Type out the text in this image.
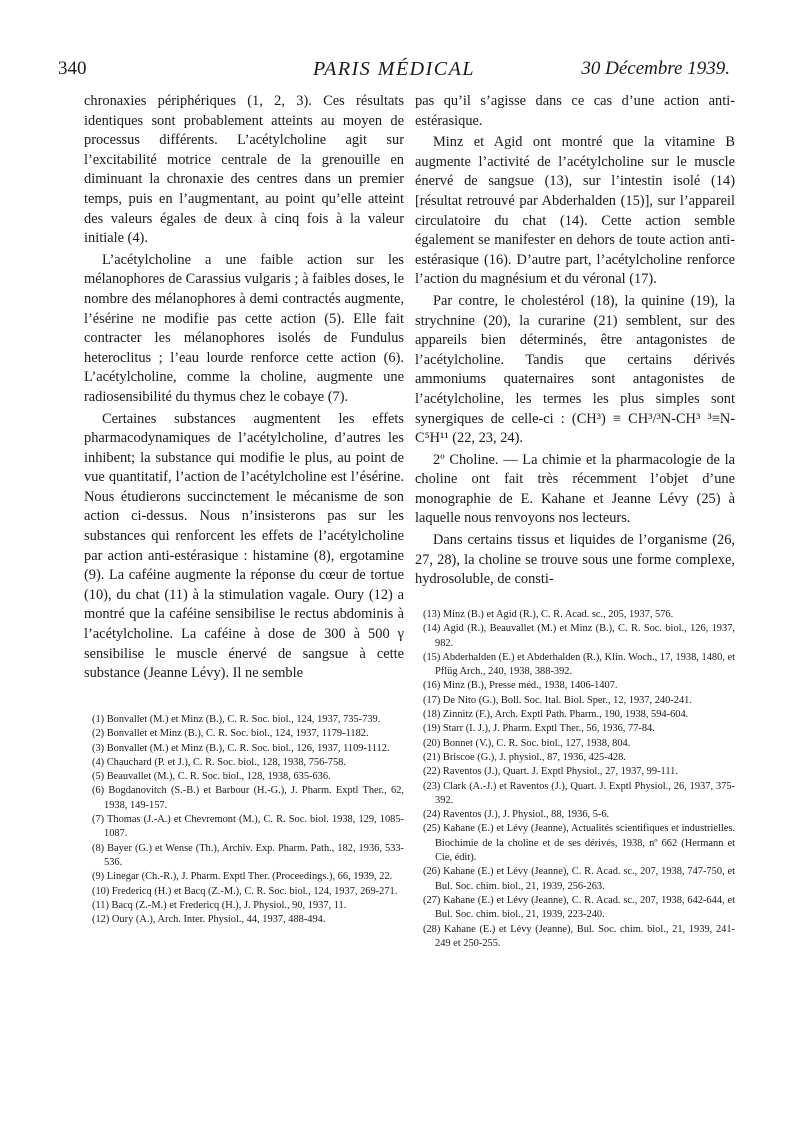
340	PARIS MÉDICAL	30 Décembre 1939.

chronaxies périphériques (1, 2, 3). Ces résultats identiques sont probablement atteints au moyen de processus différents. L’acétylcholine agit sur l’excitabilité motrice centrale de la grenouille en diminuant la chronaxie des centres dans un premier temps, puis en l’augmentant, au point qu’elle atteint des valeurs égales de deux à cinq fois à la valeur initiale (4).

L’acétylcholine a une faible action sur les mélanophores de Carassius vulgaris ; à faibles doses, le nombre des mélanophores à demi contractés augmente, l’ésérine ne modifie pas cette action (5). Elle fait contracter les mélanophores isolés de Fundulus heteroclitus ; l’eau lourde renforce cette action (6). L’acétylcholine, comme la choline, augmente une radiosensibilité du thymus chez le cobaye (7).

Certaines substances augmentent les effets pharmacodynamiques de l’acétylcholine, d’autres les inhibent; la substance qui modifie le plus, au point de vue quantitatif, l’action de l’acétylcholine est l’ésérine. Nous étudierons succinctement le mécanisme de son action ci-dessus. Nous n’insisterons pas sur les substances qui renforcent les effets de l’acétylcholine par action anti-estérasique : histamine (8), ergotamine (9). La caféine augmente la réponse du cœur de tortue (10), du chat (11) à la stimulation vagale. Oury (12) a montré que la caféine sensibilise le rectus abdominis à l’acétylcholine. La caféine à dose de 300 à 500 γ sensibilise le muscle énervé de sangsue à cette substance (Jeanne Lévy). Il ne semble

pas qu’il s’agisse dans ce cas d’une action anti-estérasique.

Minz et Agid ont montré que la vitamine B augmente l’activité de l’acétylcholine sur le muscle énervé de sangsue (13), sur l’intestin isolé (14) [résultat retrouvé par Abderhalden (15)], sur l’appareil circulatoire du chat (14). Cette action semble également se manifester en dehors de toute action anti-estérasique (16). D’autre part, l’acétylcholine renforce l’action du magnésium et du véronal (17).

Par contre, le cholestérol (18), la quinine (19), la strychnine (20), la curarine (21) semblent, sur des appareils bien déterminés, être antagonistes de l’acétylcholine. Tandis que certains dérivés ammoniums quaternaires sont antagonistes de l’acétylcholine, les termes les plus simples sont synergiques de celle-ci : (CH³) ≡ CH³/³N-CH³ ³≡N-C⁵H¹¹ (22, 23, 24).

2º Choline. — La chimie et la pharmacologie de la choline ont fait très récemment l’objet d’une monographie de E. Kahane et Jeanne Lévy (25) à laquelle nous renvoyons nos lecteurs.

Dans certains tissus et liquides de l’organisme (26, 27, 28), la choline se trouve sous une forme complexe, hydrosoluble, de consti-

(1) Bonvallet (M.) et Minz (B.), C. R. Soc. biol., 124, 1937, 735-739.

(2) Bonvallet et Minz (B.), C. R. Soc. biol., 124, 1937, 1179-1182.

(3) Bonvallet (M.) et Minz (B.), C. R. Soc. biol., 126, 1937, 1109-1112.

(4) Chauchard (P. et J.), C. R. Soc. biol., 128, 1938, 756-758.

(5) Beauvallet (M.), C. R. Soc. biol., 128, 1938, 635-636.

(6) Bogdanovitch (S.-B.) et Barbour (H.-G.), J. Pharm. Exptl Ther., 62, 1938, 149-157.

(7) Thomas (J.-A.) et Chevremont (M.), C. R. Soc. biol. 1938, 129, 1085-1087.

(8) Bayer (G.) et Wense (Th.), Archiv. Exp. Pharm. Path., 182, 1936, 533-536.

(9) Linegar (Ch.-R.), J. Pharm. Exptl Ther. (Proceedings.), 66, 1939, 22.

(10) Fredericq (H.) et Bacq (Z.-M.), C. R. Soc. biol., 124, 1937, 269-271.

(11) Bacq (Z.-M.) et Fredericq (H.), J. Physiol., 90, 1937, 11.

(12) Oury (A.), Arch. Inter. Physiol., 44, 1937, 488-494.

(13) Minz (B.) et Agid (R.), C. R. Acad. sc., 205, 1937, 576.

(14) Agid (R.), Beauvallet (M.) et Minz (B.), C. R. Soc. biol., 126, 1937, 982.

(15) Abderhalden (E.) et Abderhalden (R.), Klin. Woch., 17, 1938, 1480, et Pflüg Arch., 240, 1938, 388-392.

(16) Minz (B.), Presse méd., 1938, 1406-1407.

(17) De Nito (G.), Boll. Soc. Ital. Biol. Sper., 12, 1937, 240-241.

(18) Zinnitz (F.), Arch. Exptl Path. Pharm., 190, 1938, 594-604.

(19) Starr (I. J.), J. Pharm. Exptl Ther., 56, 1936, 77-84.

(20) Bonnet (V.), C. R. Soc. biol., 127, 1938, 804.

(21) Briscoe (G.), J. physiol., 87, 1936, 425-428.

(22) Raventos (J.), Quart. J. Exptl Physiol., 27, 1937, 99-111.

(23) Clark (A.-J.) et Raventos (J.), Quart. J. Exptl Physiol., 26, 1937, 375-392.

(24) Raventos (J.), J. Physiol., 88, 1936, 5-6.

(25) Kahane (E.) et Lévy (Jeanne), Actualités scientifiques et industrielles. Biochimie de la choline et de ses dérivés, 1938, nº 662 (Hermann et Cie, édit).

(26) Kahane (E.) et Lévy (Jeanne), C. R. Acad. sc., 207, 1938, 747-750, et Bul. Soc. chim. biol., 21, 1939, 256-263.

(27) Kahane (E.) et Lévy (Jeanne), C. R. Acad. sc., 207, 1938, 642-644, et Bul. Soc. chim. biol., 21, 1939, 223-240.

(28) Kahane (E.) et Lévy (Jeanne), Bul. Soc. chim. biol., 21, 1939, 241-249 et 250-255.
